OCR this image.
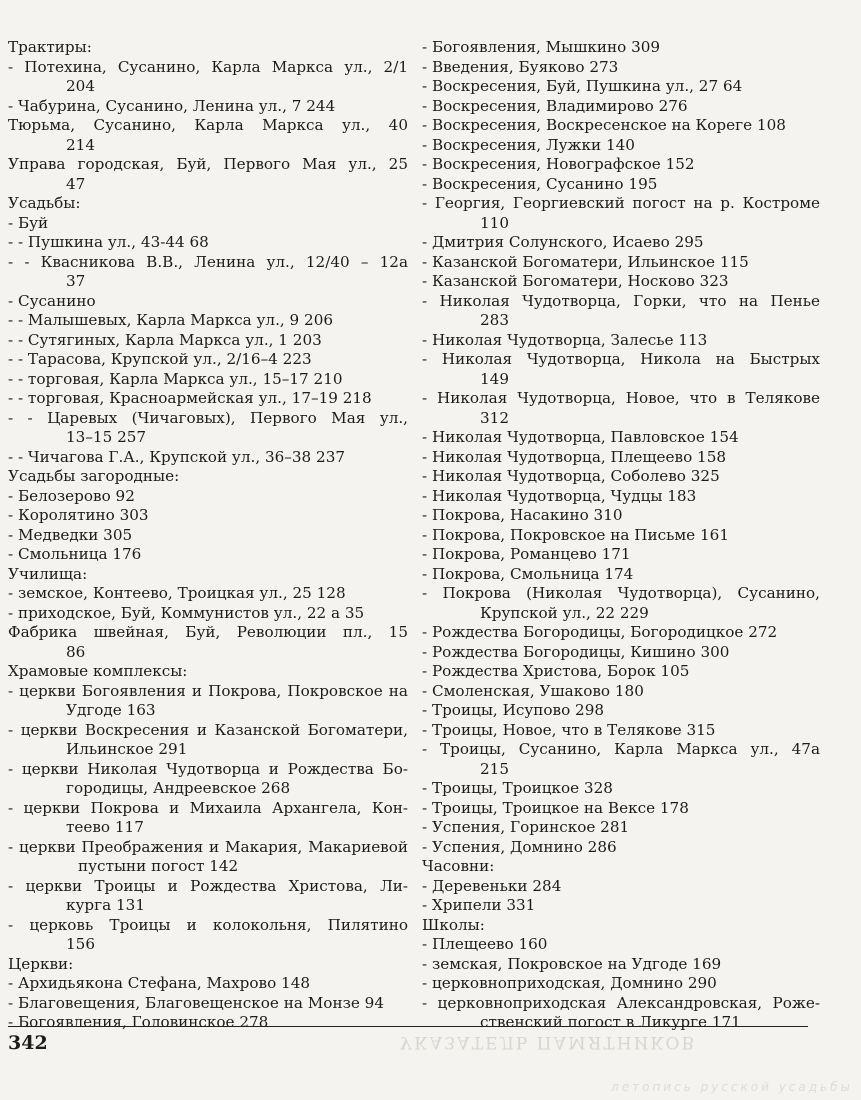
Трактиры:
- Потехина, Сусанино, Карла Маркса ул., 2/1
204
- Чабурина, Сусанино, Ленина ул., 7 244
Тюрьма, Сусанино, Карла Маркса ул., 40
214
Управа городская, Буй, Первого Мая ул., 25
47
Усадьбы:
- Буй
- - Пушкина ул., 43-44 68
- - Квасникова В.В., Ленина ул., 12/40 – 12а
37
- Сусанино
- - Малышевых, Карла Маркса ул., 9 206
- - Сутягиных, Карла Маркса ул., 1 203
- - Тарасова, Крупской ул., 2/16–4 223
- - торговая, Карла Маркса ул., 15–17 210
- - торговая, Красноармейская ул., 17–19 218
- - Царевых (Чичаговых), Первого Мая ул.,
13–15 257
- - Чичагова Г.А., Крупской ул., 36–38 237
Усадьбы загородные:
- Белозерово 92
- Королятино 303
- Медведки 305
- Смольница 176
Училища:
- земское, Контеево, Троицкая ул., 25 128
- приходское, Буй, Коммунистов ул., 22 а 35
Фабрика швейная, Буй, Революции пл., 15
86
Храмовые комплексы:
- церкви Богоявления и Покрова, Покровское на
Удгоде 163
- церкви Воскресения и Казанской Богоматери,
Ильинское 291
- церкви Николая Чудотворца и Рождества Бо-
городицы, Андреевское 268
- церкви Покрова и Михаила Архангела, Кон-
теево 117
- церкви Преображения и Макария, Макариевой
пустыни погост 142
- церкви Троицы и Рождества Христова, Ли-
курга 131
- церковь Троицы и колокольня, Пилятино
156
Церкви:
- Архидьякона Стефана, Махрово 148
- Благовещения, Благовещенское на Монзе 94
- Богоявления, Головинское 278
- Богоявления, Мышкино 309
- Введения, Буяково 273
- Воскресения, Буй, Пушкина ул., 27 64
- Воскресения, Владимирово 276
- Воскресения, Воскресенское на Кореге 108
- Воскресения, Лужки 140
- Воскресения, Новографское 152
- Воскресения, Сусанино 195
- Георгия, Георгиевский погост на р. Костроме
110
- Дмитрия Солунского, Исаево 295
- Казанской Богоматери, Ильинское 115
- Казанской Богоматери, Носково 323
- Николая Чудотворца, Горки, что на Пенье
283
- Николая Чудотворца, Залесье 113
- Николая Чудотворца, Никола на Быстрых
149
- Николая Чудотворца, Новое, что в Телякове
312
- Николая Чудотворца, Павловское 154
- Николая Чудотворца, Плещеево 158
- Николая Чудотворца, Соболево 325
- Николая Чудотворца, Чудцы 183
- Покрова, Насакино 310
- Покрова, Покровское на Письме 161
- Покрова, Романцево 171
- Покрова, Смольница 174
- Покрова (Николая Чудотворца), Сусанино,
Крупской ул., 22 229
- Рождества Богородицы, Богородицкое 272
- Рождества Богородицы, Кишино 300
- Рождества Христова, Борок 105
- Смоленская, Ушаково 180
- Троицы, Исупово 298
- Троицы, Новое, что в Телякове 315
- Троицы, Сусанино, Карла Маркса ул., 47а
215
- Троицы, Троицкое 328
- Троицы, Троицкое на Вексе 178
- Успения, Горинское 281
- Успения, Домнино 286
Часовни:
- Деревеньки 284
- Хрипели 331
Школы:
- Плещеево 160
- земская, Покровское на Удгоде 169
- церковноприходская, Домнино 290
- церковноприходская Александровская, Роже-
ственский погост в Ликурге 171
342	УКАЗАТЕЛЬ ПАМЯТНИКОВ
летопись русской усадьбы
